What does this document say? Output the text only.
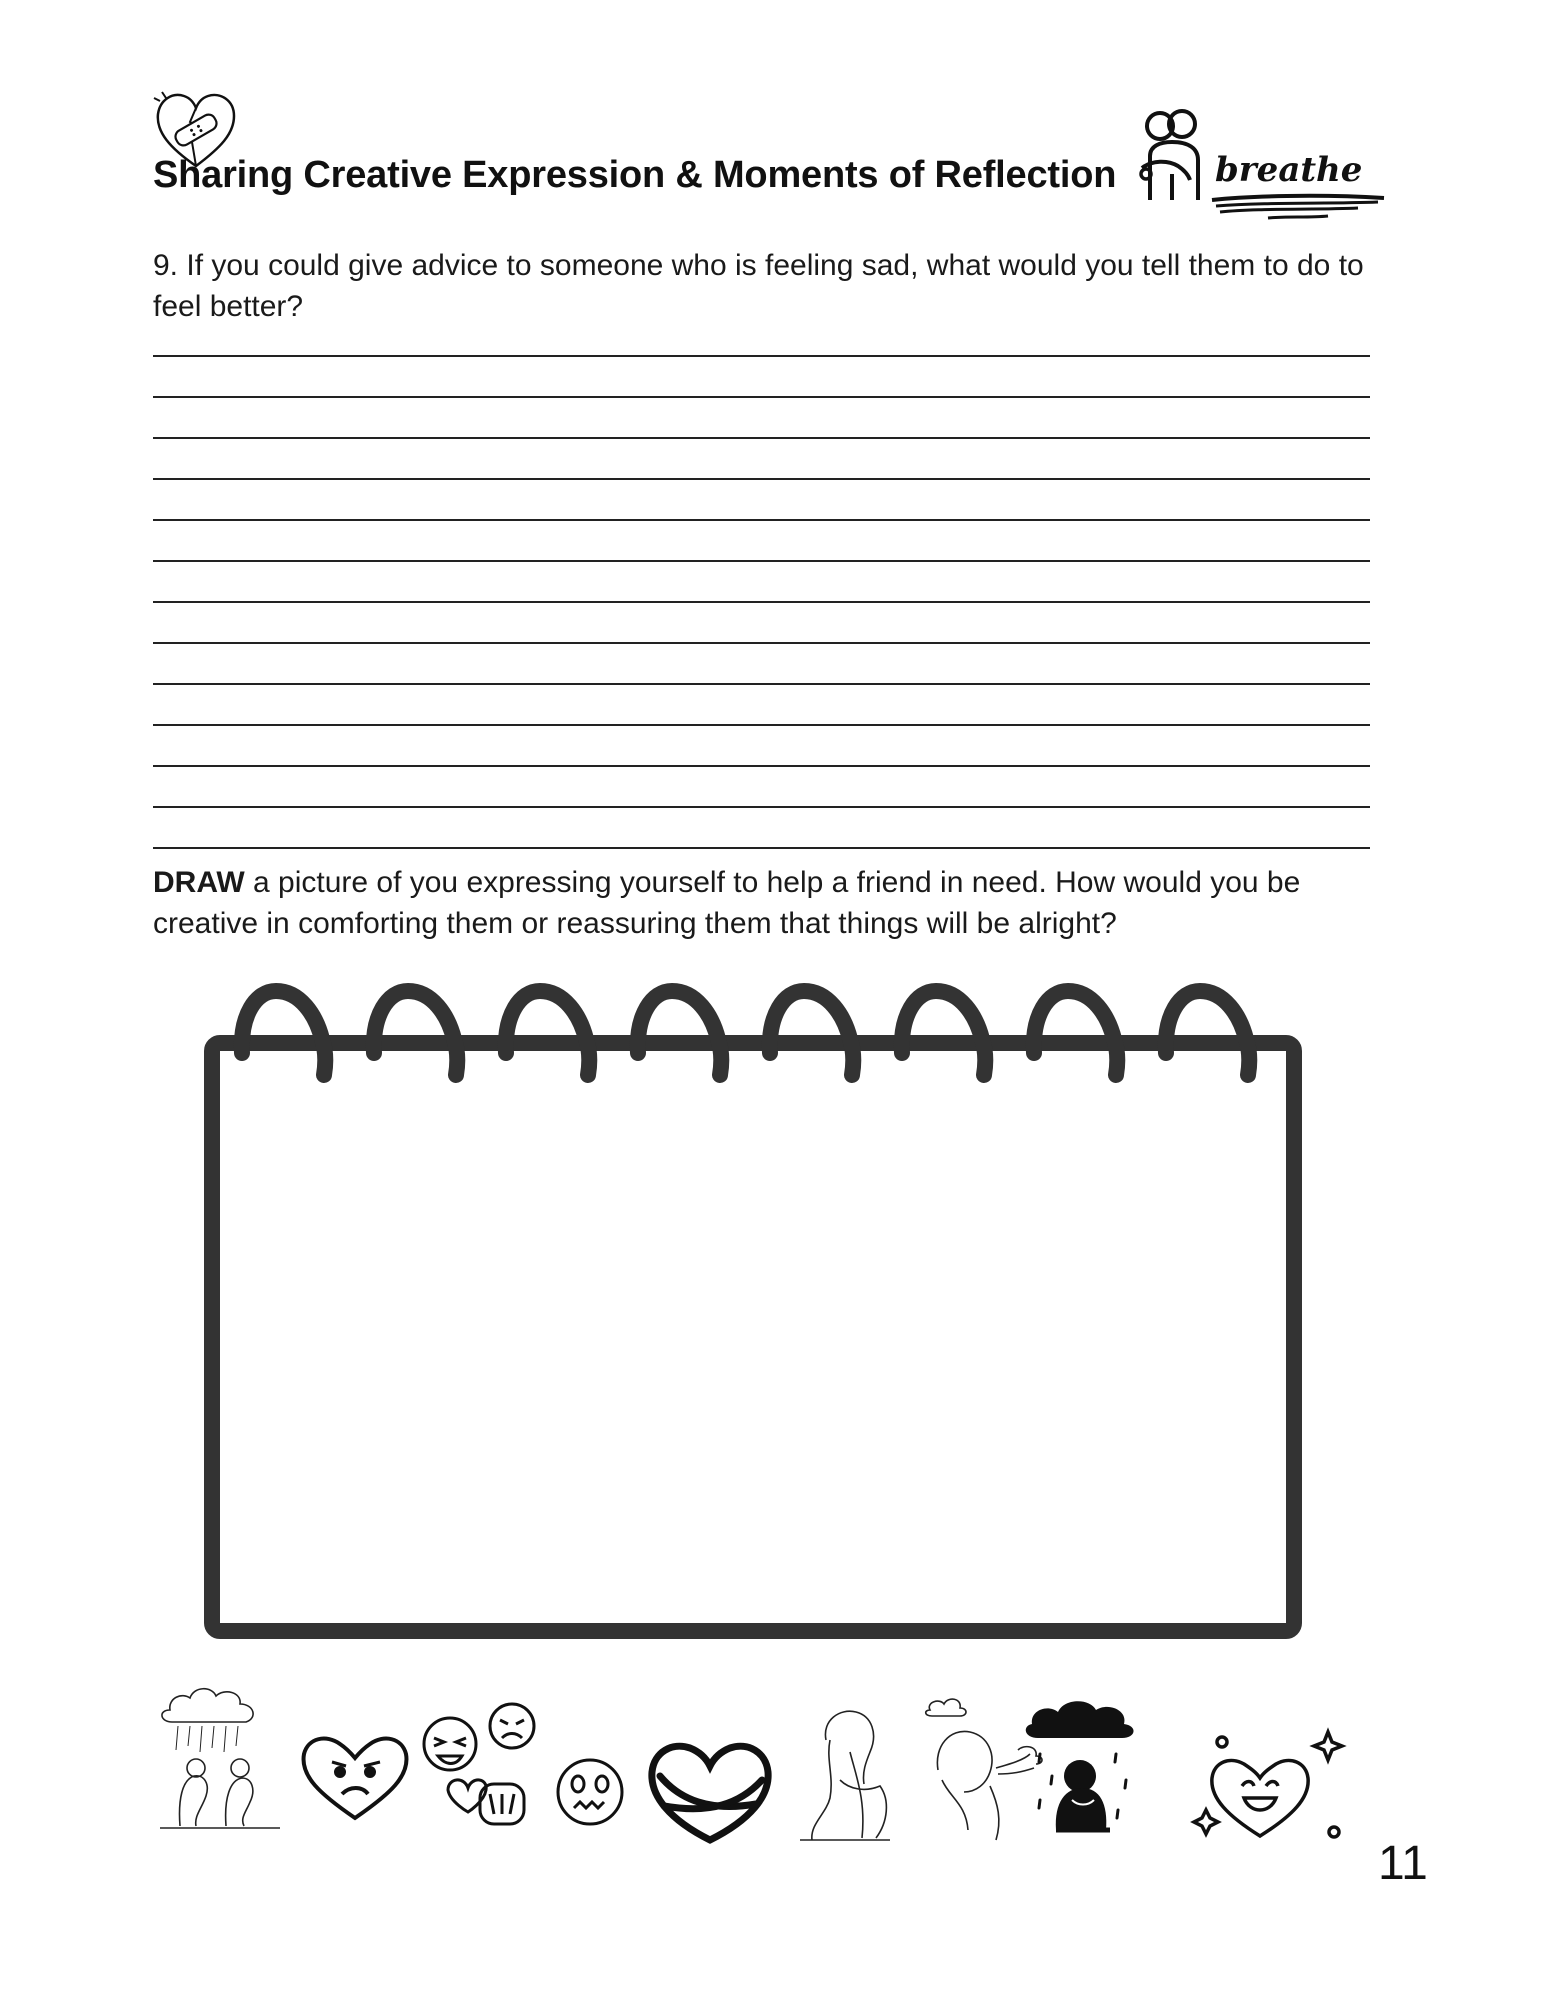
Sharing Creative Expression & Moments of Reflection	breathe
9. If you could give advice to someone who is feeling sad, what would you tell them to do to feel better?
DRAW a picture of you expressing yourself to help a friend in need. How would you be creative in comforting them or reassuring them that things will be alright?
11
